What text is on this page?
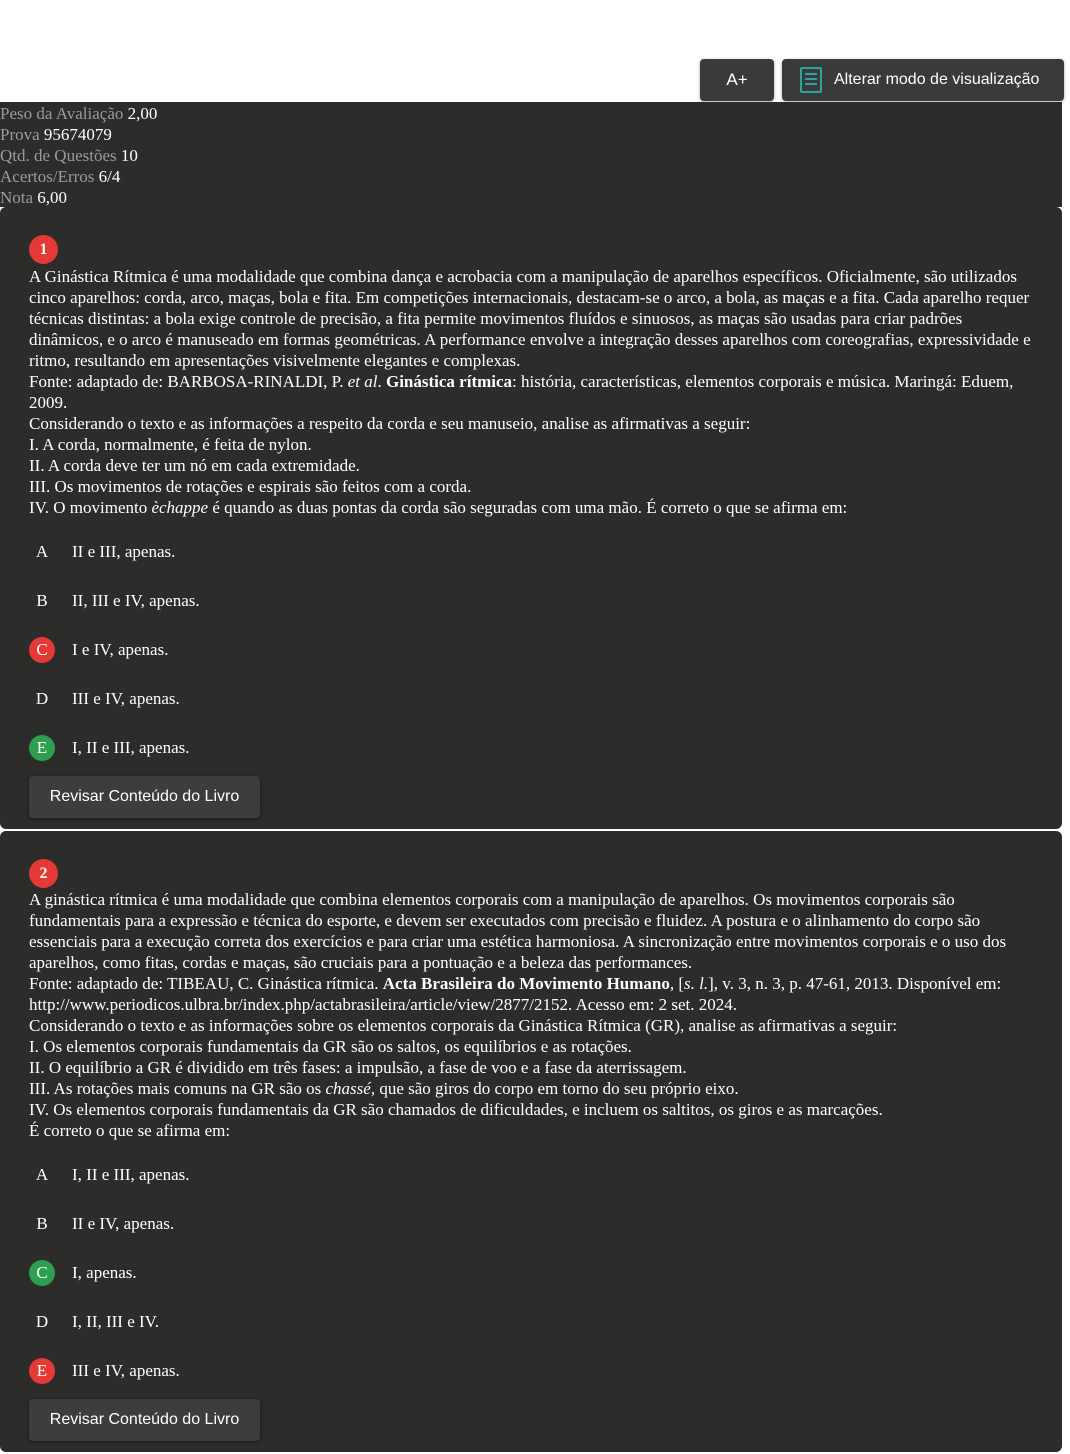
A+	Alterar modo de visualização
Peso da Avaliação 2,00
Prova 95674079
Qtd. de Questões 10
Acertos/Erros 6/4
Nota 6,00
1

A Ginástica Rítmica é uma modalidade que combina dança e acrobacia com a manipulação de aparelhos específicos. Oficialmente, são utilizados cinco aparelhos: corda, arco, maças, bola e fita. Em competições internacionais, destacam-se o arco, a bola, as maças e a fita. Cada aparelho requer técnicas distintas: a bola exige controle de precisão, a fita permite movimentos fluídos e sinuosos, as maças são usadas para criar padrões dinâmicos, e o arco é manuseado em formas geométricas. A performance envolve a integração desses aparelhos com coreografias, expressividade e ritmo, resultando em apresentações visivelmente elegantes e complexas.

Fonte: adaptado de: BARBOSA-RINALDI, P. et al. Ginástica rítmica: história, características, elementos corporais e música. Maringá: Eduem, 2009.

Considerando o texto e as informações a respeito da corda e seu manuseio, analise as afirmativas a seguir:

I. A corda, normalmente, é feita de nylon.

II. A corda deve ter um nó em cada extremidade.

III. Os movimentos de rotações e espirais são feitos com a corda.

IV. O movimento èchappe é quando as duas pontas da corda são seguradas com uma mão. É correto o que se afirma em:

A	II e III, apenas.
B	II, III e IV, apenas.
C	I e IV, apenas.
D	III e IV, apenas.
E	I, II e III, apenas.
Revisar Conteúdo do Livro
2

A ginástica rítmica é uma modalidade que combina elementos corporais com a manipulação de aparelhos. Os movimentos corporais são fundamentais para a expressão e técnica do esporte, e devem ser executados com precisão e fluidez. A postura e o alinhamento do corpo são essenciais para a execução correta dos exercícios e para criar uma estética harmoniosa. A sincronização entre movimentos corporais e o uso dos aparelhos, como fitas, cordas e maças, são cruciais para a pontuação e a beleza das performances.

Fonte: adaptado de: TIBEAU, C. Ginástica rítmica. Acta Brasileira do Movimento Humano, [s. l.], v. 3, n. 3, p. 47-61, 2013. Disponível em: http://www.periodicos.ulbra.br/index.php/actabrasileira/article/view/2877/2152. Acesso em: 2 set. 2024.

Considerando o texto e as informações sobre os elementos corporais da Ginástica Rítmica (GR), analise as afirmativas a seguir:

I. Os elementos corporais fundamentais da GR são os saltos, os equilíbrios e as rotações.

II. O equilíbrio a GR é dividido em três fases: a impulsão, a fase de voo e a fase da aterrissagem.

III. As rotações mais comuns na GR são os chassé, que são giros do corpo em torno do seu próprio eixo.

IV. Os elementos corporais fundamentais da GR são chamados de dificuldades, e incluem os saltitos, os giros e as marcações.

É correto o que se afirma em:

A	I, II e III, apenas.
B	II e IV, apenas.
C	I, apenas.
D	I, II, III e IV.
E	III e IV, apenas.
Revisar Conteúdo do Livro
